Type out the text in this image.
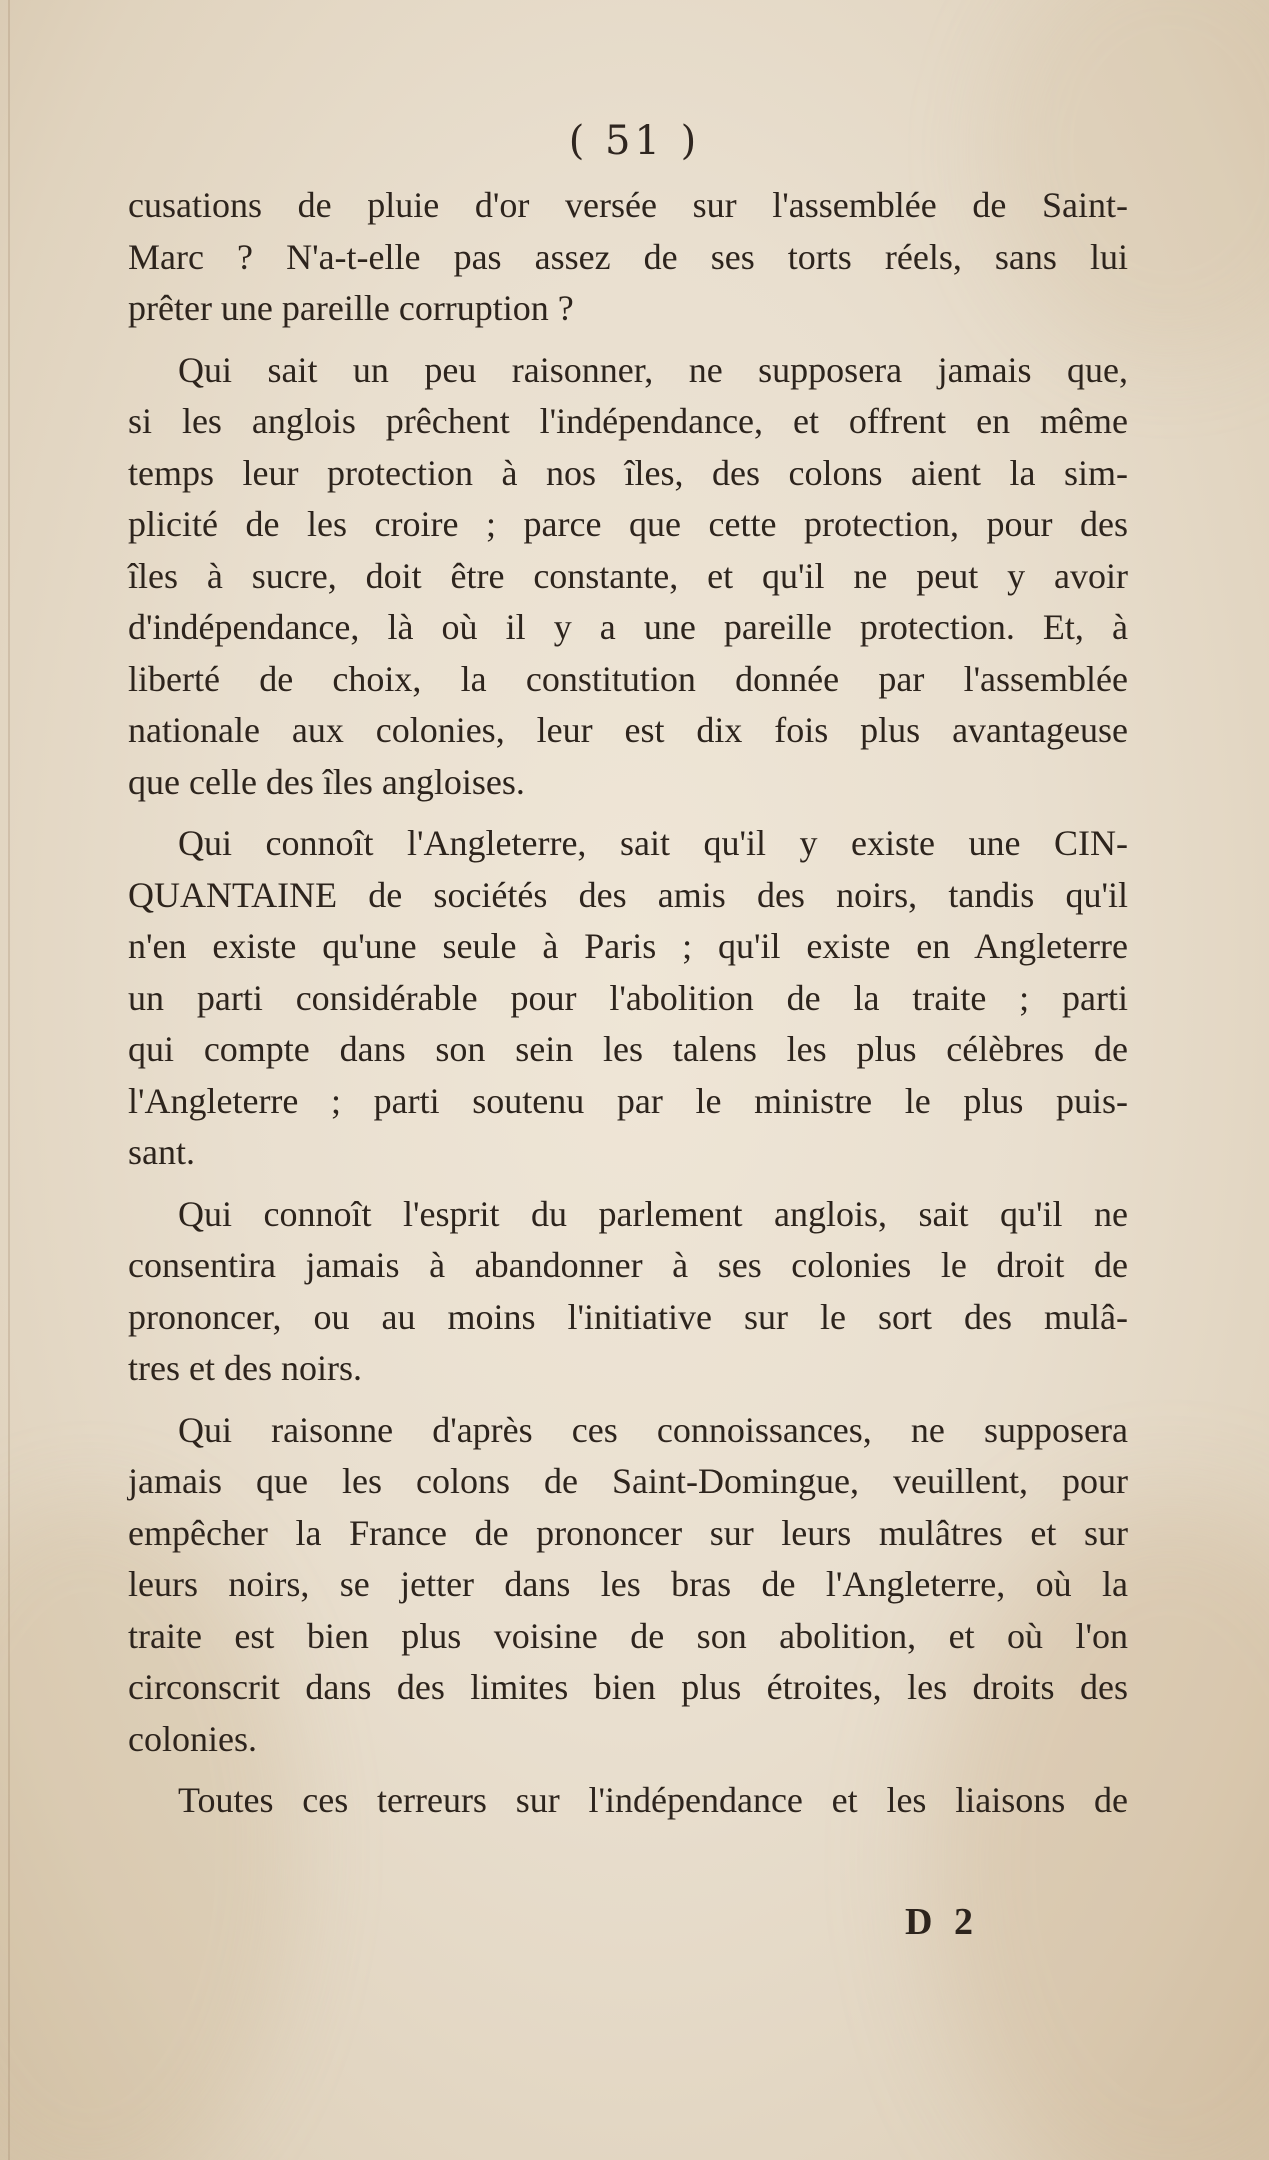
( 51 )
cusations de pluie d'or versée sur l'assemblée de Saint-
Marc ? N'a-t-elle pas assez de ses torts réels, sans lui
prêter une pareille corruption ?
Qui sait un peu raisonner, ne supposera jamais que,
si les anglois prêchent l'indépendance, et offrent en même
temps leur protection à nos îles, des colons aient la sim-
plicité de les croire ; parce que cette protection, pour des
îles à sucre, doit être constante, et qu'il ne peut y avoir
d'indépendance, là où il y a une pareille protection. Et, à
liberté de choix, la constitution donnée par l'assemblée
nationale aux colonies, leur est dix fois plus avantageuse
que celle des îles angloises.
Qui connoît l'Angleterre, sait qu'il y existe une CIN-
QUANTAINE de sociétés des amis des noirs, tandis qu'il
n'en existe qu'une seule à Paris ; qu'il existe en Angleterre
un parti considérable pour l'abolition de la traite ; parti
qui compte dans son sein les talens les plus célèbres de
l'Angleterre ; parti soutenu par le ministre le plus puis-
sant.
Qui connoît l'esprit du parlement anglois, sait qu'il ne
consentira jamais à abandonner à ses colonies le droit de
prononcer, ou au moins l'initiative sur le sort des mulâ-
tres et des noirs.
Qui raisonne d'après ces connoissances, ne supposera
jamais que les colons de Saint-Domingue, veuillent, pour
empêcher la France de prononcer sur leurs mulâtres et sur
leurs noirs, se jetter dans les bras de l'Angleterre, où la
traite est bien plus voisine de son abolition, et où l'on
circonscrit dans des limites bien plus étroites, les droits des
colonies.
Toutes ces terreurs sur l'indépendance et les liaisons de
D 2
